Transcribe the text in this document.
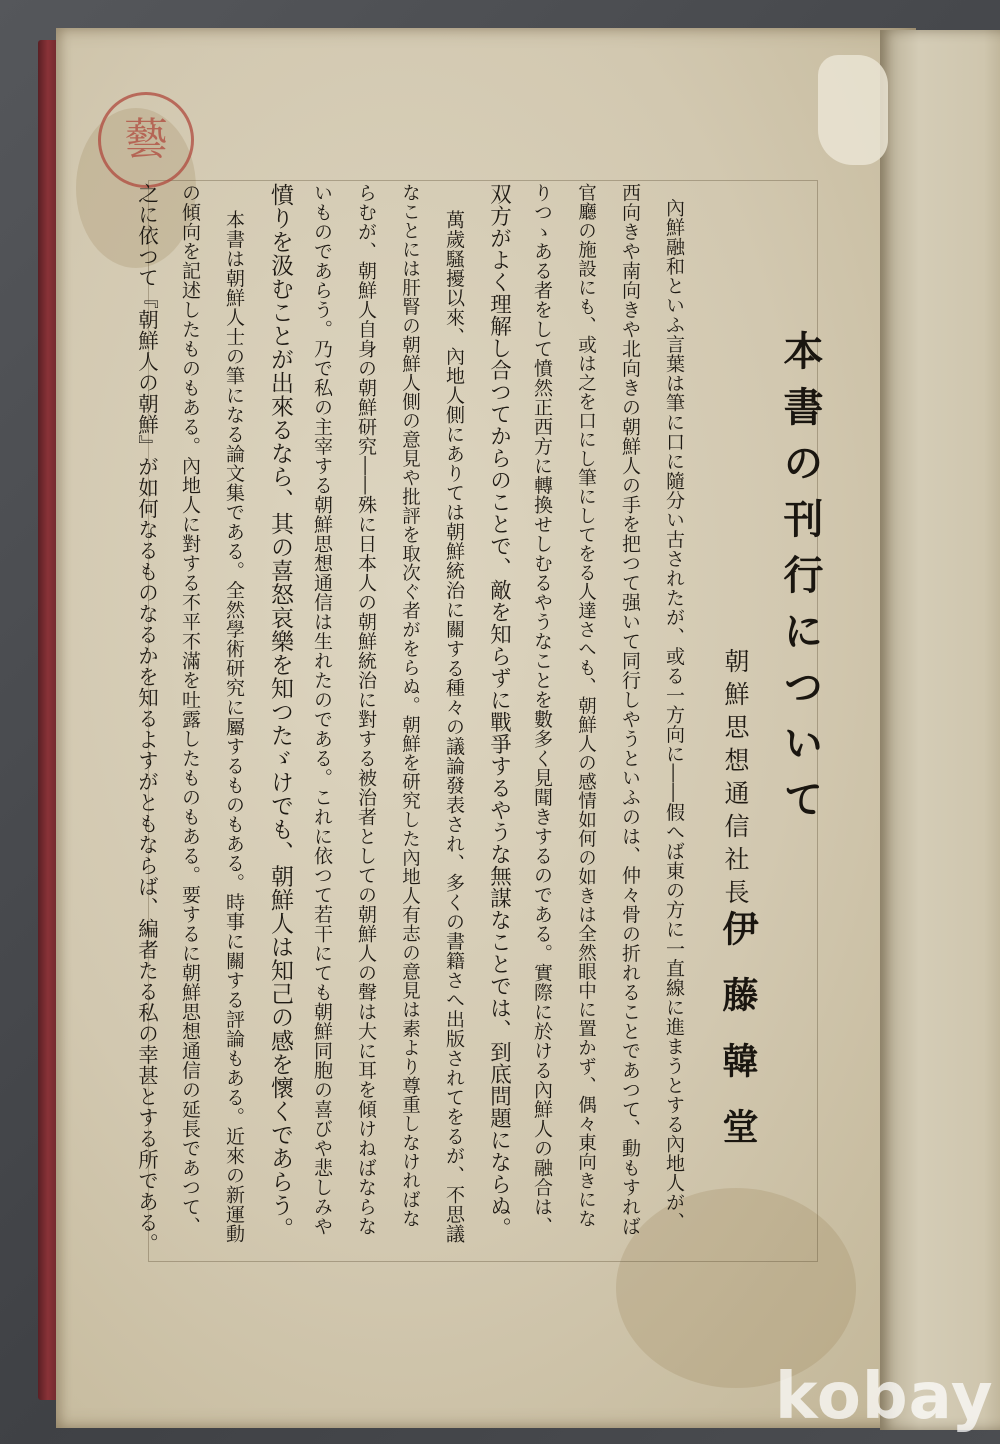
藝
本書の刊行について
朝鮮思想通信社長
伊藤韓堂
內鮮融和といふ言葉は筆に口に隨分い古されたが、或る一方向に――假へば東の方に一直線に進まうとする內地人が、
西向きや南向きや北向きの朝鮮人の手を把つて强いて同行しやうといふのは、仲々骨の折れることであつて、動もすれば
官廳の施設にも、或は之を口にし筆にしてをる人達さへも、朝鮮人の感情如何の如きは全然眼中に置かず、偶々東向きにな
りつゝある者をして憤然正西方に轉換せしむるやうなことを數多く見聞きするのである。實際に於ける內鮮人の融合は、
双方がよく理解し合つてからのことで、敵を知らずに戰爭するやうな無謀なことでは、到底問題にならぬ。
萬歲騷擾以來、內地人側にありては朝鮮統治に關する種々の議論發表され、多くの書籍さへ出版されてをるが、不思議
なことには肝腎の朝鮮人側の意見や批評を取次ぐ者がをらぬ。朝鮮を研究した內地人有志の意見は素より尊重しなければな
らむが、朝鮮人自身の朝鮮研究――殊に日本人の朝鮮統治に對する被治者としての朝鮮人の聲は大に耳を傾けねばならな
いものであらう。乃で私の主宰する朝鮮思想通信は生れたのである。これに依つて若干にても朝鮮同胞の喜びや悲しみや
憤りを汲むことが出來るなら、其の喜怒哀樂を知つたゞけでも、朝鮮人は知己の感を懷くであらう。
本書は朝鮮人士の筆になる論文集である。全然學術研究に屬するものもある。時事に關する評論もある。近來の新運動
の傾向を記述したものもある。內地人に對する不平不滿を吐露したものもある。要するに朝鮮思想通信の延長であつて、
之に依つて『朝鮮人の朝鮮』が如何なるものなるかを知るよすがともならば、編者たる私の幸甚とする所である。
kobay
